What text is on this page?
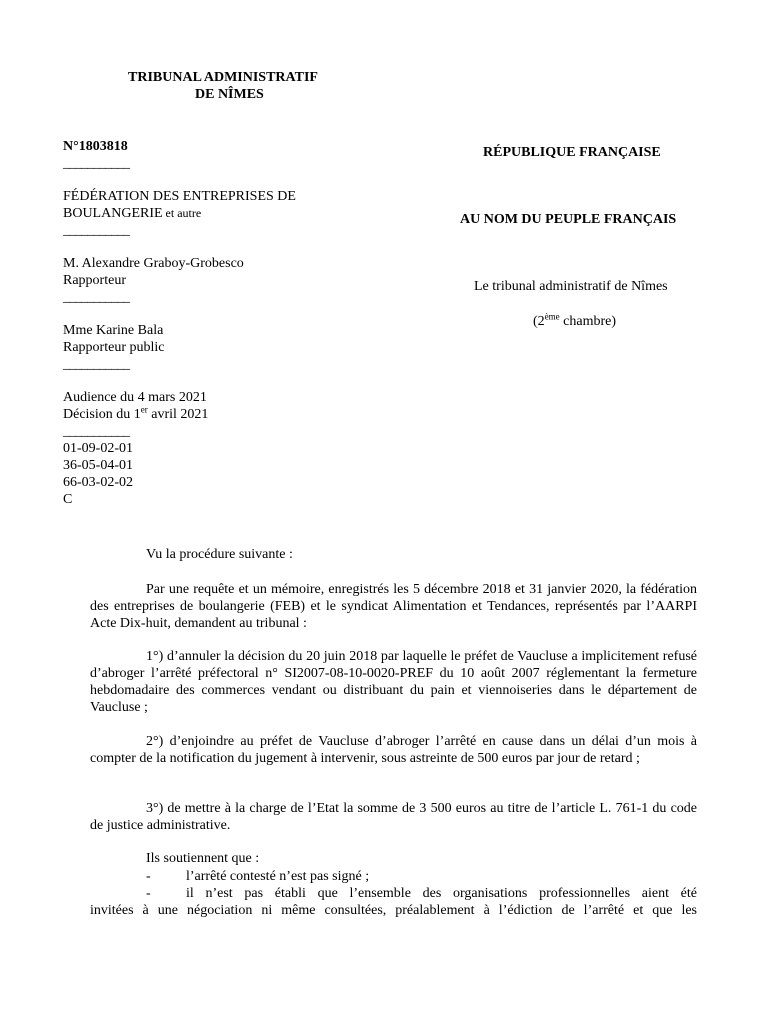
TRIBUNAL ADMINISTRATIF
DE NÎMES
N°1803818
___________
FÉDÉRATION DES ENTREPRISES DE
BOULANGERIE et autre
___________
M. Alexandre Graboy-Grobesco
Rapporteur
___________
Mme Karine Bala
Rapporteur public
___________
Audience du 4 mars 2021
Décision du 1er avril 2021
___________
01-09-02-01
36-05-04-01
66-03-02-02
C
RÉPUBLIQUE FRANÇAISE
AU NOM DU PEUPLE FRANÇAIS
Le tribunal administratif de Nîmes
(2ème chambre)
Vu la procédure suivante :
Par une requête et un mémoire, enregistrés les 5 décembre 2018 et 31 janvier 2020, la fédération des entreprises de boulangerie (FEB) et le syndicat Alimentation et Tendances, représentés par l’AARPI Acte Dix-huit, demandent au tribunal :
1°) d’annuler la décision du 20 juin 2018 par laquelle le préfet de Vaucluse a implicitement refusé d’abroger l’arrêté préfectoral n° SI2007-08-10-0020-PREF du 10 août 2007 réglementant la fermeture hebdomadaire des commerces vendant ou distribuant du pain et viennoiseries dans le département de Vaucluse ;
2°) d’enjoindre au préfet de Vaucluse d’abroger l’arrêté en cause dans un délai d’un mois à compter de la notification du jugement à intervenir, sous astreinte de 500 euros par jour de retard ;
3°) de mettre à la charge de l’Etat la somme de 3 500 euros au titre de l’article L. 761-1 du code de justice administrative.
Ils soutiennent que :
-	l’arrêté contesté n’est pas signé ;
-	il n’est pas établi que l’ensemble des organisations professionnelles aient été
invitées à une négociation ni même consultées, préalablement à l’édiction de l’arrêté et que les
